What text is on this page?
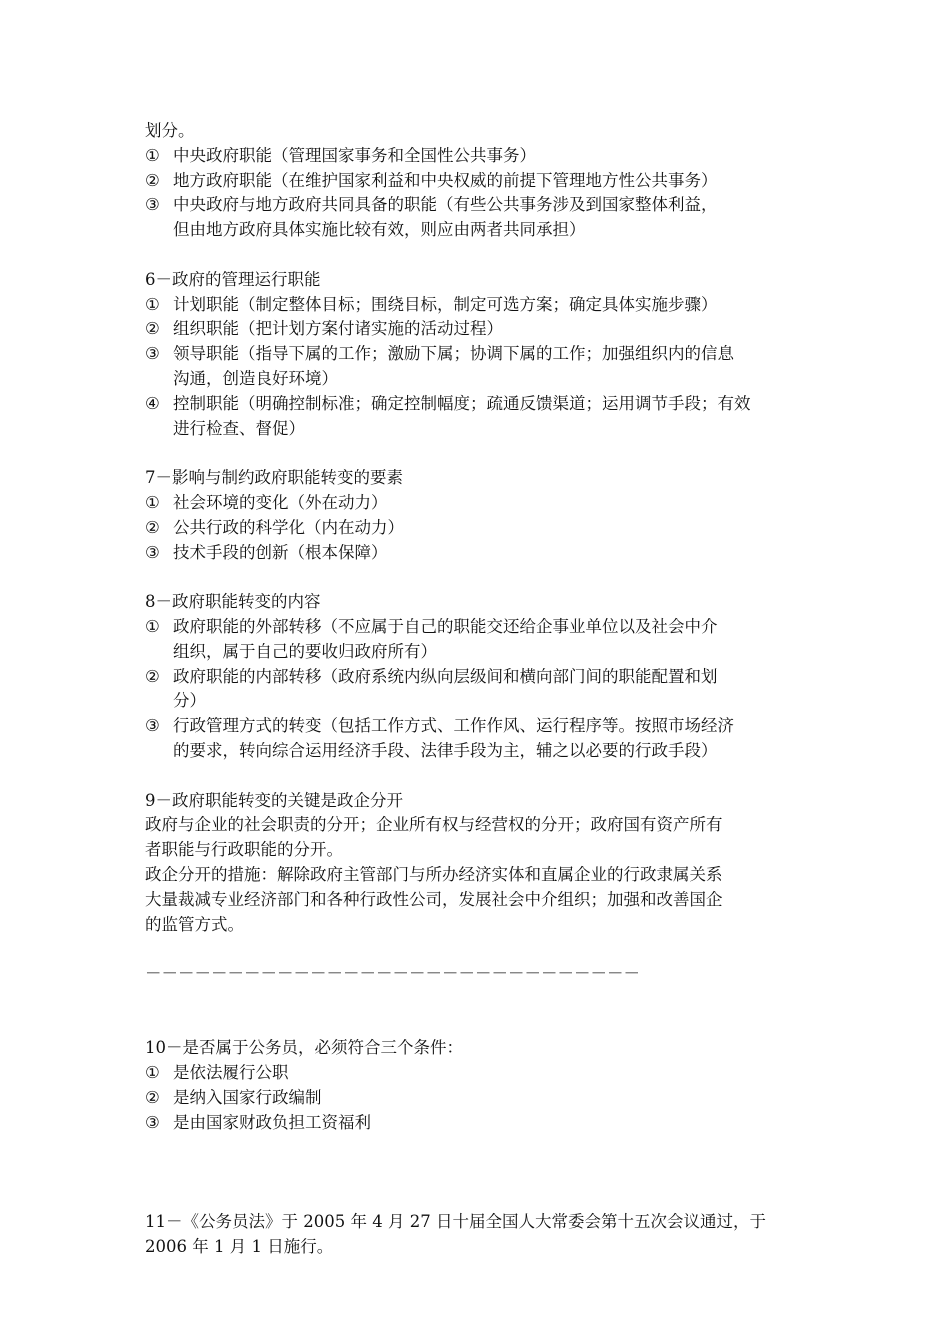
划分。
① 中央政府职能（管理国家事务和全国性公共事务）
② 地方政府职能（在维护国家利益和中央权威的前提下管理地方性公共事务）
③ 中央政府与地方政府共同具备的职能（有些公共事务涉及到国家整体利益，
但由地方政府具体实施比较有效，则应由两者共同承担）
6－政府的管理运行职能
① 计划职能（制定整体目标；围绕目标，制定可选方案；确定具体实施步骤）
② 组织职能（把计划方案付诸实施的活动过程）
③ 领导职能（指导下属的工作；激励下属；协调下属的工作；加强组织内的信息
沟通，创造良好环境）
④ 控制职能（明确控制标准；确定控制幅度；疏通反馈渠道；运用调节手段；有效
进行检查、督促）
7－影响与制约政府职能转变的要素
① 社会环境的变化（外在动力）
② 公共行政的科学化（内在动力）
③ 技术手段的创新（根本保障）
8－政府职能转变的内容
① 政府职能的外部转移（不应属于自己的职能交还给企事业单位以及社会中介
组织，属于自己的要收归政府所有）
② 政府职能的内部转移（政府系统内纵向层级间和横向部门间的职能配置和划
分）
③ 行政管理方式的转变（包括工作方式、工作作风、运行程序等。按照市场经济
的要求，转向综合运用经济手段、法律手段为主，辅之以必要的行政手段）
9－政府职能转变的关键是政企分开
政府与企业的社会职责的分开；企业所有权与经营权的分开；政府国有资产所有
者职能与行政职能的分开。
政企分开的措施：解除政府主管部门与所办经济实体和直属企业的行政隶属关系
大量裁减专业经济部门和各种行政性公司，发展社会中介组织；加强和改善国企
的监管方式。
－－－－－－－－－－－－－－－－－－－－－－－－－－－－－－
10－是否属于公务员，必须符合三个条件：
① 是依法履行公职
② 是纳入国家行政编制
③ 是由国家财政负担工资福利
11－《公务员法》于 2005 年 4 月 27 日十届全国人大常委会第十五次会议通过，于
2006 年 1 月 1 日施行。
